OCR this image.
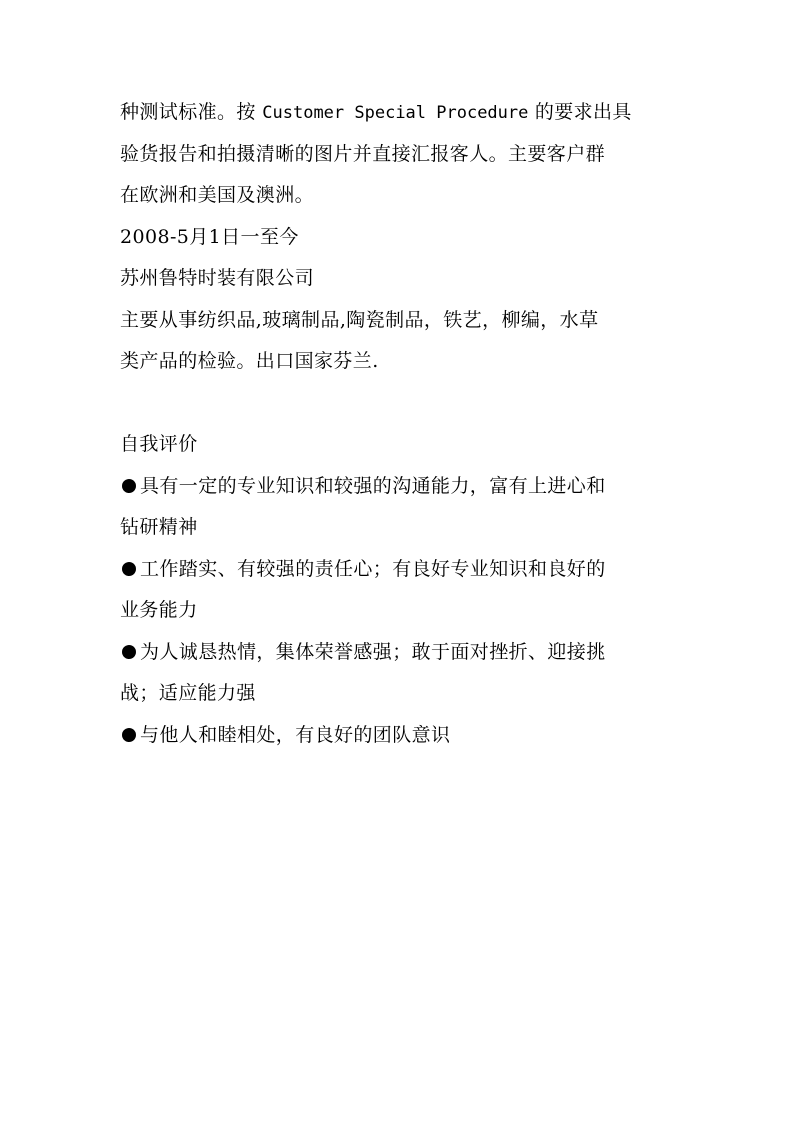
种测试标准。按 Customer Special Procedure 的要求出具
验货报告和拍摄清晰的图片并直接汇报客人。主要客户群
在欧洲和美国及澳洲。
2008-5月1日一至今
苏州鲁特时装有限公司
主要从事纺织品,玻璃制品,陶瓷制品，铁艺，柳编，水草
类产品的检验。出口国家芬兰.
自我评价
具有一定的专业知识和较强的沟通能力，富有上进心和
钻研精神
工作踏实、有较强的责任心；有良好专业知识和良好的
业务能力
为人诚恳热情，集体荣誉感强；敢于面对挫折、迎接挑
战；适应能力强
与他人和睦相处，有良好的团队意识
